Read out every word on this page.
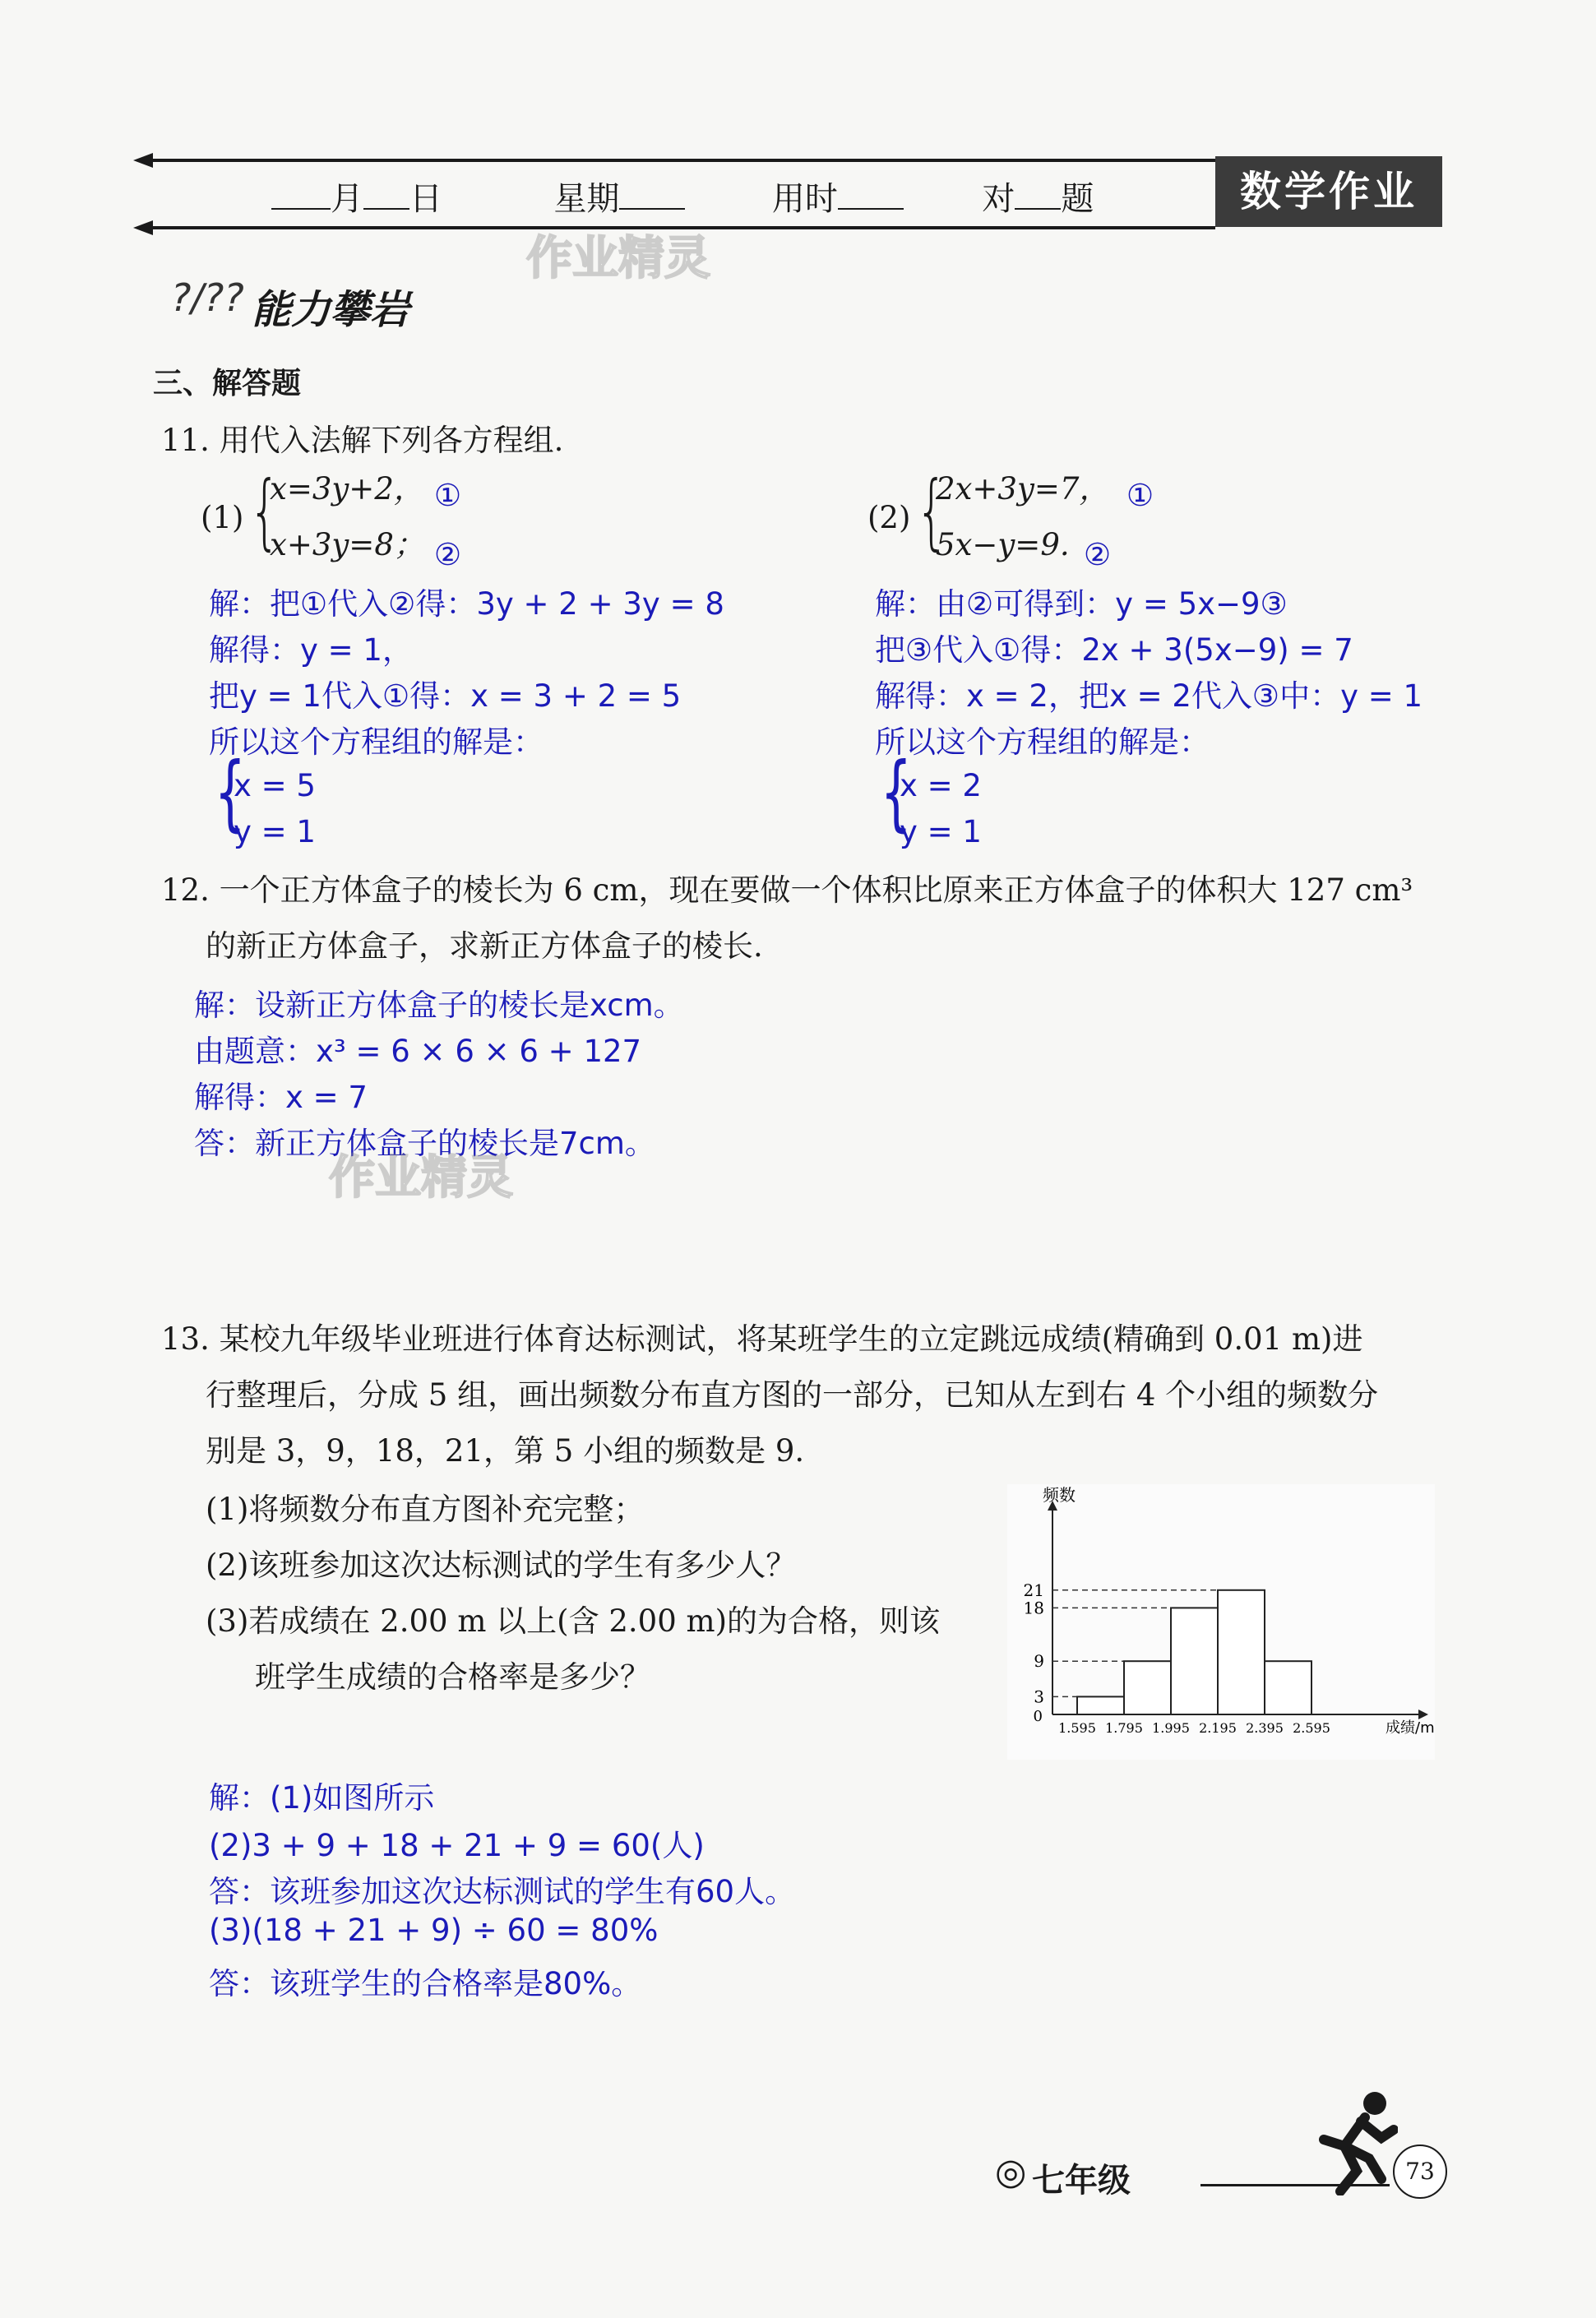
月 日	星期	用时	对 题	数学作业
作业精灵
?/?? 能力攀岩
三、解答题
11. 用代入法解下列各方程组.
(1) {
x=3y+2，
x+3y=8；
①
②
(2) {
2x+3y=7，
5x−y=9.
①
②
解：把①代入②得：3y + 2 + 3y = 8
解得：y = 1，
把y = 1代入①得：x = 3 + 2 = 5
所以这个方程组的解是：
{
x = 5
y = 1
解：由②可得到：y = 5x−9③
把③代入①得：2x + 3(5x−9) = 7
解得：x = 2，把x = 2代入③中：y = 1
所以这个方程组的解是：
{
x = 2
y = 1
12. 一个正方体盒子的棱长为 6 cm，现在要做一个体积比原来正方体盒子的体积大 127 cm³
的新正方体盒子，求新正方体盒子的棱长.
解：设新正方体盒子的棱长是xcm。
由题意：x³ = 6 × 6 × 6 + 127
解得：x = 7
答：新正方体盒子的棱长是7cm。
作业精灵
13. 某校九年级毕业班进行体育达标测试，将某班学生的立定跳远成绩(精确到 0.01 m)进
行整理后，分成 5 组，画出频数分布直方图的一部分，已知从左到右 4 个小组的频数分
别是 3，9，18，21，第 5 小组的频数是 9.
(1)将频数分布直方图补充完整；
(2)该班参加这次达标测试的学生有多少人？
(3)若成绩在 2.00 m 以上(含 2.00 m)的为合格，则该
班学生成绩的合格率是多少？
频数
成绩/m
0
3
9
18
21
1.595 1.795 1.995 2.195 2.395 2.595
解：(1)如图所示
(2)3 + 9 + 18 + 21 + 9 = 60(人)
答：该班参加这次达标测试的学生有60人。
(3)(18 + 21 + 9) ÷ 60 = 80%
答：该班学生的合格率是80%。
◎ 七年级	73
